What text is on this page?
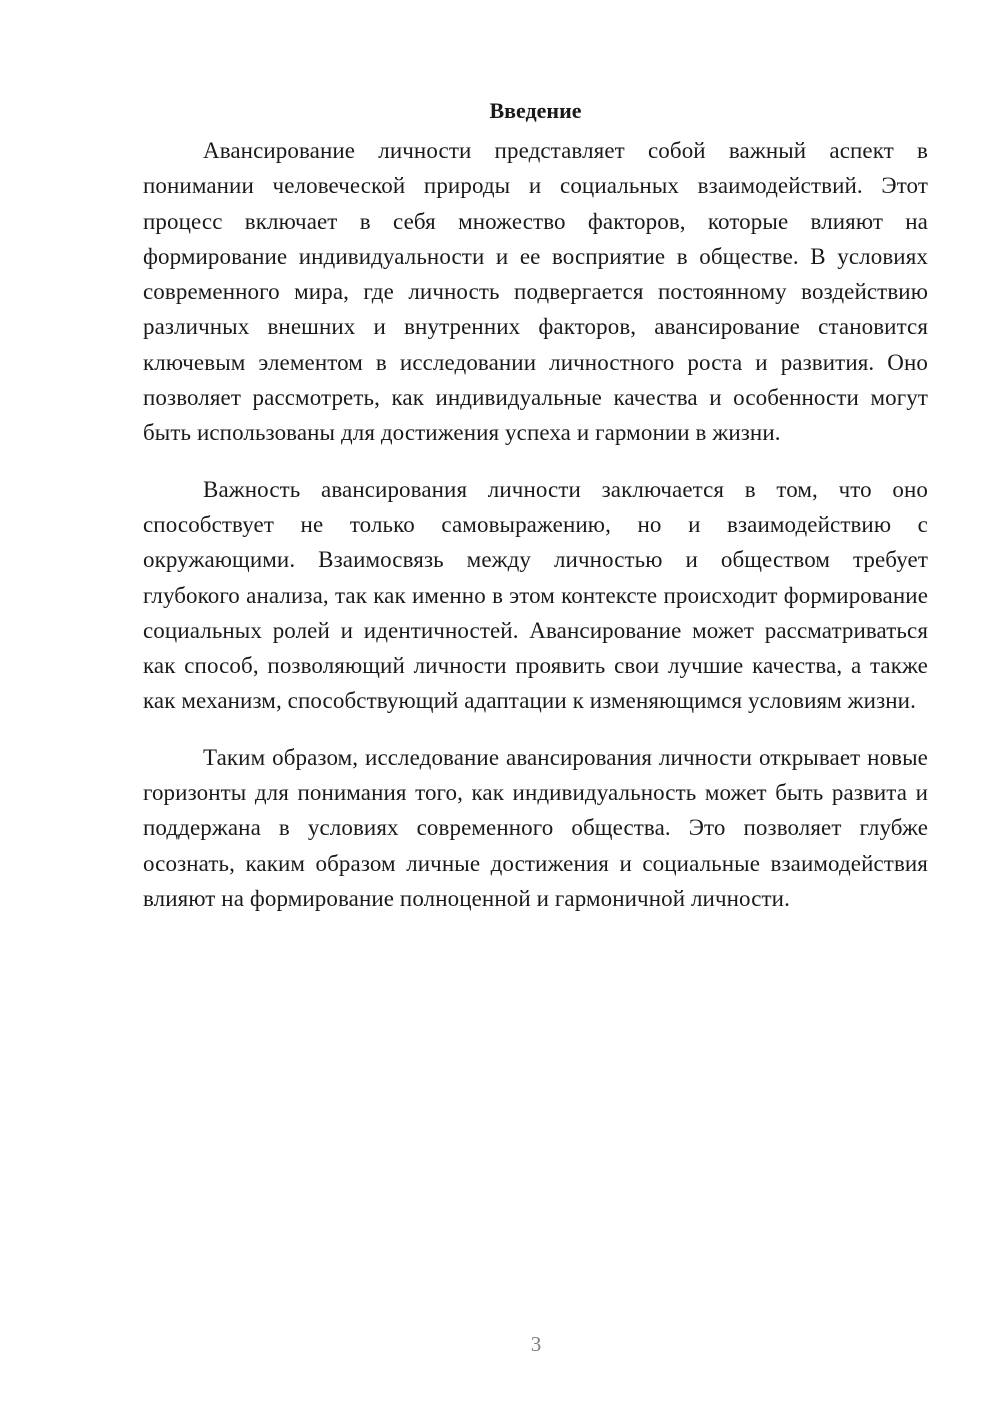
Введение

Авансирование личности представляет собой важный аспект в понимании человеческой природы и социальных взаимодействий. Этот процесс включает в себя множество факторов, которые влияют на формирование индивидуальности и ее восприятие в обществе. В условиях современного мира, где личность подвергается постоянному воздействию различных внешних и внутренних факторов, авансирование становится ключевым элементом в исследовании личностного роста и развития. Оно позволяет рассмотреть, как индивидуальные качества и особенности могут быть использованы для достижения успеха и гармонии в жизни.

Важность авансирования личности заключается в том, что оно способствует не только самовыражению, но и взаимодействию с окружающими. Взаимосвязь между личностью и обществом требует глубокого анализа, так как именно в этом контексте происходит формирование социальных ролей и идентичностей. Авансирование может рассматриваться как способ, позволяющий личности проявить свои лучшие качества, а также как механизм, способствующий адаптации к изменяющимся условиям жизни.

Таким образом, исследование авансирования личности открывает новые горизонты для понимания того, как индивидуальность может быть развита и поддержана в условиях современного общества. Это позволяет глубже осознать, каким образом личные достижения и социальные взаимодействия влияют на формирование полноценной и гармоничной личности.

3
